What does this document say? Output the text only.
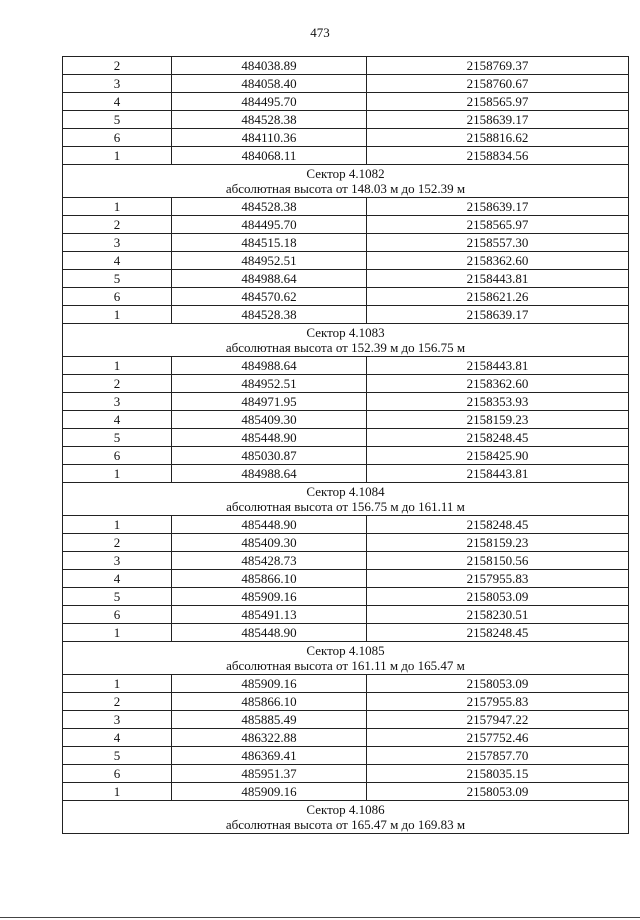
473
2	484038.89	2158769.37
3	484058.40	2158760.67
4	484495.70	2158565.97
5	484528.38	2158639.17
6	484110.36	2158816.62
1	484068.11	2158834.56

Сектор 4.1082
абсолютная высота от 148.03 м до 152.39 м		

1	484528.38	2158639.17
2	484495.70	2158565.97
3	484515.18	2158557.30
4	484952.51	2158362.60
5	484988.64	2158443.81
6	484570.62	2158621.26
1	484528.38	2158639.17

Сектор 4.1083
абсолютная высота от 152.39 м до 156.75 м		

1	484988.64	2158443.81
2	484952.51	2158362.60
3	484971.95	2158353.93
4	485409.30	2158159.23
5	485448.90	2158248.45
6	485030.87	2158425.90
1	484988.64	2158443.81

Сектор 4.1084
абсолютная высота от 156.75 м до 161.11 м		

1	485448.90	2158248.45
2	485409.30	2158159.23
3	485428.73	2158150.56
4	485866.10	2157955.83
5	485909.16	2158053.09
6	485491.13	2158230.51
1	485448.90	2158248.45

Сектор 4.1085
абсолютная высота от 161.11 м до 165.47 м		

1	485909.16	2158053.09
2	485866.10	2157955.83
3	485885.49	2157947.22
4	486322.88	2157752.46
5	486369.41	2157857.70
6	485951.37	2158035.15
1	485909.16	2158053.09

Сектор 4.1086
абсолютная высота от 165.47 м до 169.83 м		
